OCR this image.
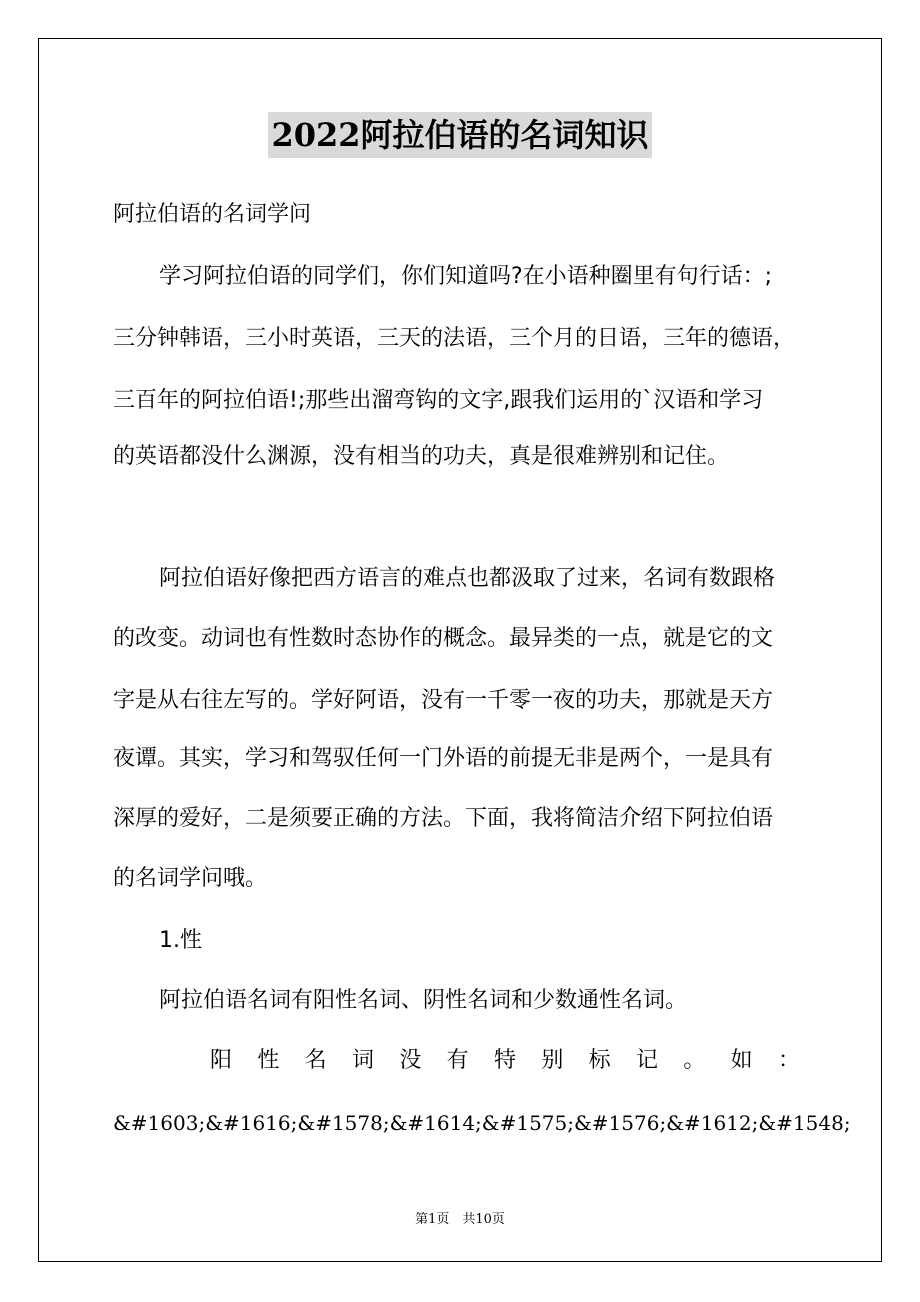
2022阿拉伯语的名词知识
阿拉伯语的名词学问
学习阿拉伯语的同学们，你们知道吗?在小语种圈里有句行话：;
三分钟韩语，三小时英语，三天的法语，三个月的日语，三年的德语，
三百年的阿拉伯语!;那些出溜弯钩的文字,跟我们运用的`汉语和学习
的英语都没什么渊源，没有相当的功夫，真是很难辨别和记住。
阿拉伯语好像把西方语言的难点也都汲取了过来，名词有数跟格
的改变。动词也有性数时态协作的概念。最异类的一点，就是它的文
字是从右往左写的。学好阿语，没有一千零一夜的功夫，那就是天方
夜谭。其实，学习和驾驭任何一门外语的前提无非是两个，一是具有
深厚的爱好，二是须要正确的方法。下面，我将简洁介绍下阿拉伯语
的名词学问哦。
1.性
阿拉伯语名词有阳性名词、阴性名词和少数通性名词。
阳性名词没有特别标记。如：
&#1603;&#1616;&#1578;&#1614;&#1575;&#1576;&#1612;&#1548;
第1页　共10页
